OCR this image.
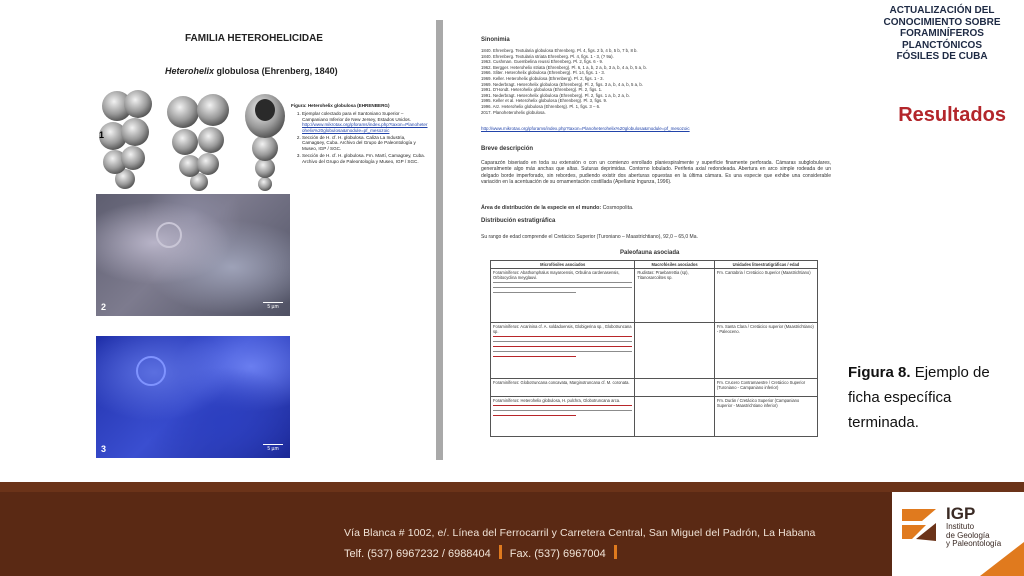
FAMILIA HETEROHELICIDAE
Heterohelix globulosa (Ehrenberg, 1840)
1
Figura: Heterohelix globulosa (EHRENBERG)
1. Ejemplar colectado para el Santoniano Superior – Campaniano Inferior de New Jersey, Estados Unidos.
http://www.mikrotax.org/pforams/index.php?taxon=Planoheterohelix%20globulosa&module=pf_mesozoic
2. Sección de H. cf. H. globulosa. Caliza La Industria, Camagüey, Cuba. Archivo del Grupo de Paleontología y Museo, IGP / SGC.
3. Sección de H. cf. H. globulosa. Fm. Martí, Camagüey, Cuba. Archivo del Grupo de Paleontología y Museo, IGP / SGC.
2	5 µm
3	5 µm
Sinonimia
1840. Ehrenberg. Textularia globulosa Ehrenberg. Pl. 4, figs. 2 b, 4 b, 5 b, 7 b, 8 b.
1840. Ehrenberg. Textularia striata Ehrenberg. Pl. 4, figs. 1 - 3, (? 9a).
1963. Cushman. Guembelina reussi Ehrenberg. Pl. 2, figs. 6 - 9.
1962. Bergger. Heterohelix striata (Ehrenberg). Pl. 6, 1 a, b, 2 a, b, 3 a, b, 4 a, b, 5 a, b.
1966. Sliter. Heterohelix globulosa (Ehrenberg). Pl. 14, figs. 1 - 3.
1969. Keller. Heterohelix globulosa (Ehrenberg). Pl. 2, figs. 1 - 3.
1969. Nederbragt. Heterohelix globulosa (Ehrenberg). Pl. 2, figs. 3 a, b, 4 a, b, 5 a, b.
1991. D'Hondt. Heterohelix globulosa (Ehrenberg). Pl. 2, figs. 1.
1991. Nederbragt. Heterohelix globulosa (Ehrenberg). Pl. 2, figs. 1 a, b, 2 a, b.
1995. Keller et al. Heterohelix globulosa (Ehrenberg). Pl. 3, figs. 9.
1996. Arz. Heterohelix globulosa (Ehrenberg). Pl. 1, figs. 3 – 6.
2017. Planoheterohelix globulosa.
http://www.mikrotax.org/pforams/index.php?taxon=Planoheterohelix%20globulosa&module=pf_mesozoic
Breve descripción
Caparazón biseriado en toda su extensión o con un comienzo enrollado planiespiralmente y superficie finamente perforada. Cámaras subglobulares, generalmente algo más anchas que altas. Suturas deprimidas. Contorno lobulado. Periferia axial redondeada. Abertura en arco simple rodeada de un delgado borde imperforado, sin rebordes, pudiendo existir dos aberturas opuestas en la última cámara. Es una especie que exhibe una considerable variación en la acentuación de su ornamentación costillada (Apellaniz Ingunza, 1996).
Área de distribución de la especie en el mundo: Cosmopolita.
Distribución estratigráfica
Su rango de edad comprende el Cretácico Superior (Turoniano – Maastrichtiano), 92,0 – 65,0 Ma.
Paleofauna asociada
Microfósiles asociados	Macrofósiles asociados	Unidades litoestratigráficas / edad

Foraminíferos: Abathomphalus mayaroensis, Orbulina cardenasensis, Orbitocyclina meyglauvi.	Rudistas: Praebarrettia (sp), Titanosarcolites sp.	Fm. Cantabria / Cretácico Superior (Maastrichtiano)

Foraminíferos: Acarinina cf. A. soldadoensis, Globigerina sp., Globotruncana sp.		Fm. Santa Clara / Cretácico superior (Maastrichtiano) - Paleoceno.
Foraminíferos: Globotruncana concavata, Marginotruncana cf. M. coronata.		Fm. Crucero Contramaestre / Cretácico Superior (Turoniano - Campaniano inferior)

Foraminíferos: Heterohelix globulosa, H. pulchra, Globotruncana arca.		Fm. Durán / Cretácico Superior (Campaniano Superior - Maastrichtiano inferior)
ACTUALIZACIÓN DEL
CONOCIMIENTO SOBRE
FORAMINÍFEROS
PLANCTÓNICOS
FÓSILES DE CUBA
Resultados
Figura 8. Ejemplo de ficha específica terminada.
Vía Blanca # 1002, e/. Línea del Ferrocarril y Carretera Central, San Miguel del Padrón, La Habana
Telf. (537) 6967232 / 6988404 Fax. (537) 6967004
IGP
Instituto
de Geología
y Paleontología
